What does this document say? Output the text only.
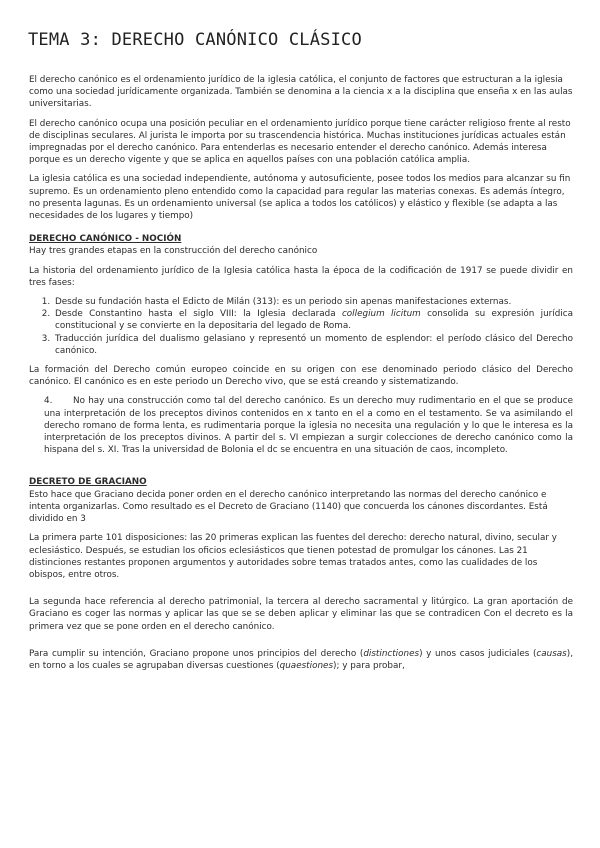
TEMA 3: DERECHO CANÓNICO CLÁSICO

El derecho canónico es el ordenamiento jurídico de la iglesia católica, el conjunto de factores que estructuran a la iglesia como una sociedad jurídicamente organizada. También se denomina a la ciencia x a la disciplina que enseña x en las aulas universitarias.

El derecho canónico ocupa una posición peculiar en el ordenamiento jurídico porque tiene carácter religioso frente al resto de disciplinas seculares. Al jurista le importa por su trascendencia histórica. Muchas instituciones jurídicas actuales están impregnadas por el derecho canónico. Para entenderlas es necesario entender el derecho canónico. Además interesa porque es un derecho vigente y que se aplica en aquellos países con una población católica amplia.

La iglesia católica es una sociedad independiente, autónoma y autosuficiente, posee todos los medios para alcanzar su fin supremo. Es un ordenamiento pleno entendido como la capacidad para regular las materias conexas. Es además íntegro, no presenta lagunas. Es un ordenamiento universal (se aplica a todos los católicos) y elástico y flexible (se adapta a las necesidades de los lugares y tiempo)

DERECHO CANÓNICO - NOCIÓN

Hay tres grandes etapas en la construcción del derecho canónico

La historia del ordenamiento jurídico de la Iglesia católica hasta la época de la codificación de 1917 se puede dividir en tres fases:

1. Desde su fundación hasta el Edicto de Milán (313): es un periodo sin apenas manifestaciones externas.
2. Desde Constantino hasta el siglo VIII: la Iglesia declarada collegium licitum consolida su expresión jurídica constitucional y se convierte en la depositaria del legado de Roma.
3. Traducción jurídica del dualismo gelasiano y representó un momento de esplendor: el período clásico del Derecho canónico.

La formación del Derecho común europeo coincide en su origen con ese denominado periodo clásico del Derecho canónico. El canónico es en este periodo un Derecho vivo, que se está creando y sistematizando.

4. No hay una construcción como tal del derecho canónico. Es un derecho muy rudimentario en el que se produce una interpretación de los preceptos divinos contenidos en x tanto en el a como en el testamento. Se va asimilando el derecho romano de forma lenta, es rudimentaria porque la iglesia no necesita una regulación y lo que le interesa es la interpretación de los preceptos divinos. A partir del s. VI empiezan a surgir colecciones de derecho canónico como la hispana del s. XI. Tras la universidad de Bolonia el dc se encuentra en una situación de caos, incompleto.
DECRETO DE GRACIANO

Esto hace que Graciano decida poner orden en el derecho canónico interpretando las normas del derecho canónico e intenta organizarlas. Como resultado es el Decreto de Graciano (1140) que concuerda los cánones discordantes. Está dividido en 3

La primera parte 101 disposiciones: las 20 primeras explican las fuentes del derecho: derecho natural, divino, secular y eclesiástico. Después, se estudian los oficios eclesiásticos que tienen potestad de promulgar los cánones. Las 21 distinciones restantes proponen argumentos y autoridades sobre temas tratados antes, como las cualidades de los obispos, entre otros.

La segunda hace referencia al derecho patrimonial, la tercera al derecho sacramental y litúrgico. La gran aportación de Graciano es coger las normas y aplicar las que se se deben aplicar y eliminar las que se contradicen Con el decreto es la primera vez que se pone orden en el derecho canónico.

Para cumplir su intención, Graciano propone unos principios del derecho (distinctiones) y unos casos judiciales (causas), en torno a los cuales se agrupaban diversas cuestiones (quaestiones); y para probar,
